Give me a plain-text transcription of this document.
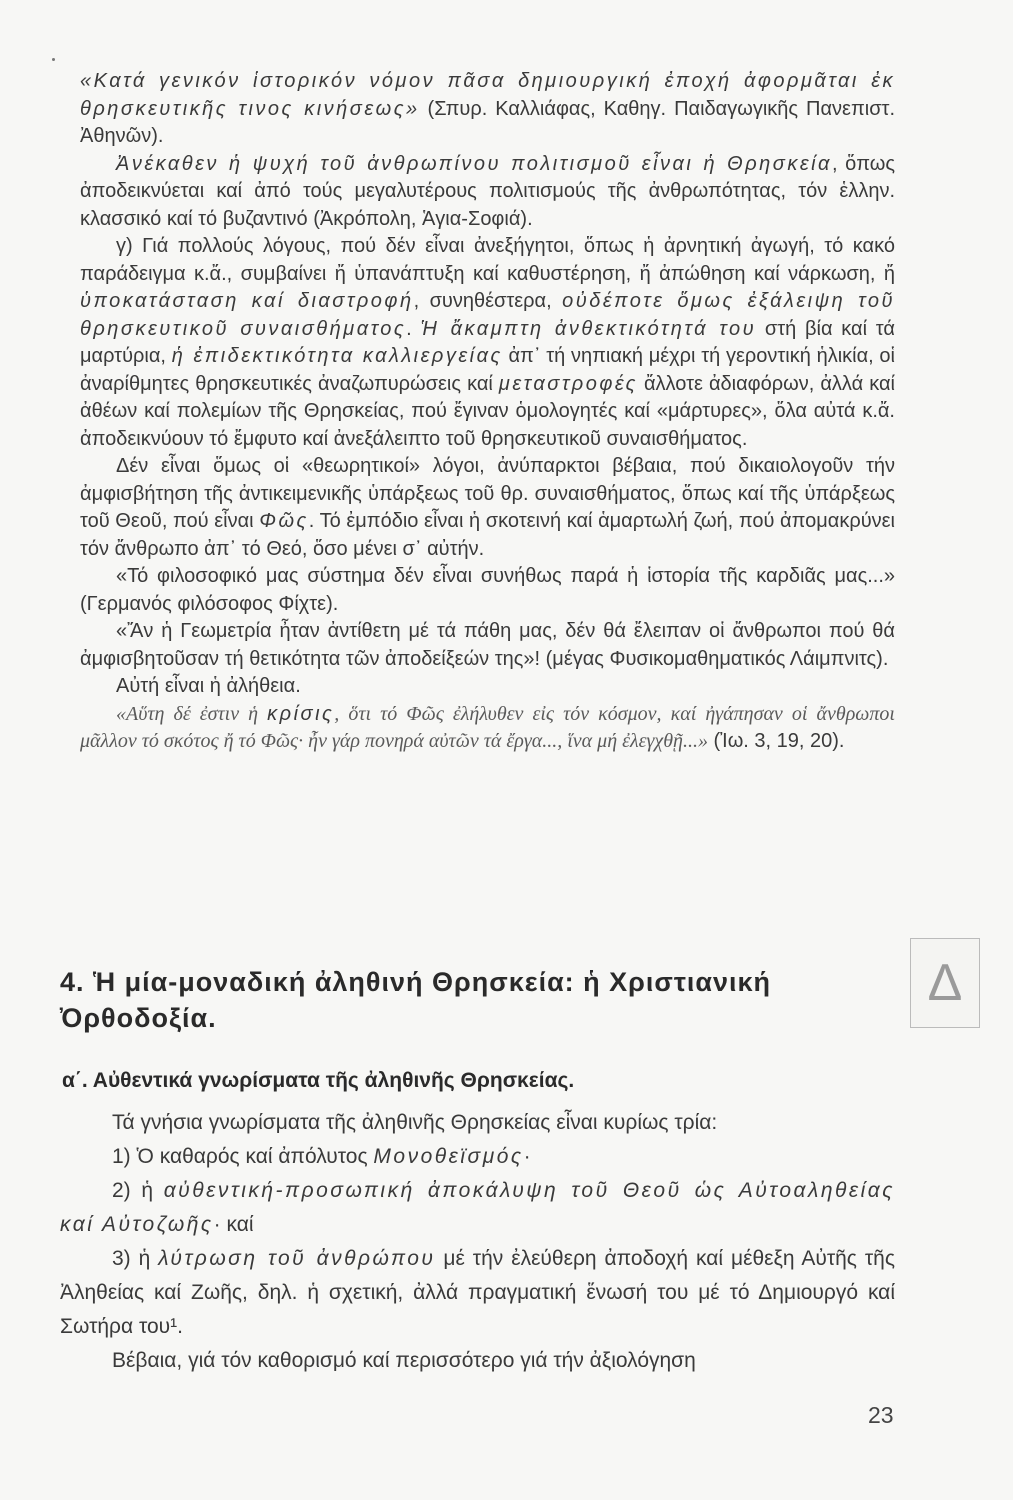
«Κατά γενικόν ἱστορικόν νόμον πᾶσα δημιουργική ἐποχή ἀφορμᾶται ἐκ θρησκευτικῆς τινος κινήσεως» (Σπυρ. Καλλιάφας, Καθηγ. Παιδαγωγικῆς Πανεπιστ. Ἀθηνῶν).

Ἀνέκαθεν ἡ ψυχή τοῦ ἀνθρωπίνου πολιτισμοῦ εἶναι ἡ Θρησκεία, ὅπως ἀποδεικνύεται καί ἀπό τούς μεγαλυτέρους πολιτισμούς τῆς ἀνθρωπότητας, τόν ἑλλην. κλασσικό καί τό βυζαντινό (Ἀκρόπολη, Ἁγια-Σοφιά).

γ) Γιά πολλούς λόγους, πού δέν εἶναι ἀνεξήγητοι, ὅπως ἡ ἀρνητική ἀγωγή, τό κακό παράδειγμα κ.ἄ., συμβαίνει ἤ ὑπανάπτυξη καί καθυστέρηση, ἤ ἀπώθηση καί νάρκωση, ἤ ὑποκατάσταση καί διαστροφή, συνηθέστερα, οὐδέποτε ὅμως ἐξάλειψη τοῦ θρησκευτικοῦ συναισθήματος. Ἡ ἄκαμπτη ἀνθεκτικότητά του στή βία καί τά μαρτύρια, ἡ ἐπιδεκτικότητα καλλιεργείας ἀπ᾿ τή νηπιακή μέχρι τή γεροντική ἡλικία, οἱ ἀναρίθμητες θρησκευτικές ἀναζωπυρώσεις καί μεταστροφές ἄλλοτε ἀδιαφόρων, ἀλλά καί ἀθέων καί πολεμίων τῆς Θρησκείας, πού ἔγιναν ὁμολογητές καί «μάρτυρες», ὅλα αὐτά κ.ἄ. ἀποδεικνύουν τό ἔμφυτο καί ἀνεξάλειπτο τοῦ θρησκευτικοῦ συναισθήματος.

Δέν εἶναι ὅμως οἱ «θεωρητικοί» λόγοι, ἀνύπαρκτοι βέβαια, πού δικαιολογοῦν τήν ἀμφισβήτηση τῆς ἀντικειμενικῆς ὑπάρξεως τοῦ θρ. συναισθήματος, ὅπως καί τῆς ὑπάρξεως τοῦ Θεοῦ, πού εἶναι Φῶς. Τό ἐμπόδιο εἶναι ἡ σκοτεινή καί ἁμαρτωλή ζωή, πού ἀπομακρύνει τόν ἄνθρωπο ἀπ᾿ τό Θεό, ὅσο μένει σ᾿ αὐτήν.

«Τό φιλοσοφικό μας σύστημα δέν εἶναι συνήθως παρά ἡ ἱστορία τῆς καρδιᾶς μας...» (Γερμανός φιλόσοφος Φίχτε).

«Ἄν ἡ Γεωμετρία ἦταν ἀντίθετη μέ τά πάθη μας, δέν θά ἔλειπαν οἱ ἄνθρωποι πού θά ἀμφισβητοῦσαν τή θετικότητα τῶν ἀποδείξεών της»! (μέγας Φυσικομαθηματικός Λάιμπνιτς).

Αὐτή εἶναι ἡ ἀλήθεια.

«Αὕτη δέ ἐστιν ἡ κρίσις, ὅτι τό Φῶς ἐλήλυθεν εἰς τόν κόσμον, καί ἠγάπησαν οἱ ἄνθρωποι μᾶλλον τό σκότος ἤ τό Φῶς· ἦν γάρ πονηρά αὐτῶν τά ἔργα..., ἵνα μή ἐλεγχθῇ...» (Ἰω. 3, 19, 20).

Δ
4. Ἡ μία-μοναδική ἀληθινή Θρησκεία: ἡ Χριστιανική Ὀρθοδοξία.
α΄. Αὐθεντικά γνωρίσματα τῆς ἀληθινῆς Θρησκείας.

Τά γνήσια γνωρίσματα τῆς ἀληθινῆς Θρησκείας εἶναι κυρίως τρία:

1) Ὁ καθαρός καί ἀπόλυτος Μονοθεϊσμός·

2) ἡ αὐθεντική-προσωπική ἀποκάλυψη τοῦ Θεοῦ ὡς Αὐτοαληθείας καί Αὐτοζωῆς· καί

3) ἡ λύτρωση τοῦ ἀνθρώπου μέ τήν ἐλεύθερη ἀποδοχή καί μέθεξη Αὐτῆς τῆς Ἀληθείας καί Ζωῆς, δηλ. ἡ σχετική, ἀλλά πραγματική ἕνωσή του μέ τό Δημιουργό καί Σωτήρα του¹.

Βέβαια, γιά τόν καθορισμό καί περισσότερο γιά τήν ἀξιολόγηση

23
